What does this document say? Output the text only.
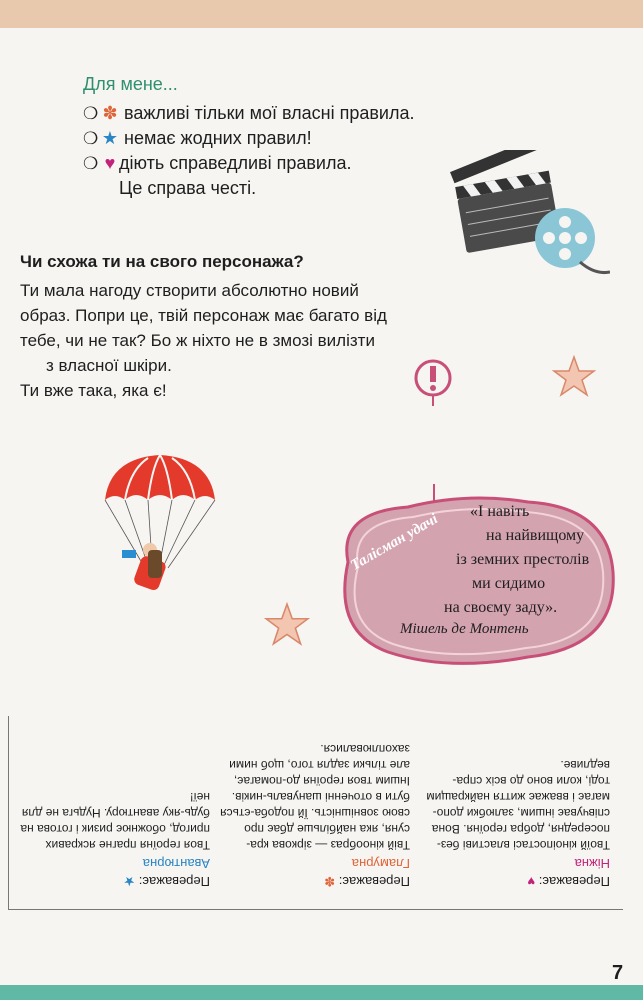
Для мене...
❍ ✽ важливі тільки мої власні правила.
❍ ★ немає жодних правил!
❍ ♥ діють справедливі правила.
Це справа честі.
Чи схожа ти на свого персонажа?
Ти мала нагоду створити абсолютно новий
образ. Попри це, твій персонаж має багато від
тебе, чи не так? Бо ж ніхто не в змозі вилізти
з власної шкіри.
Ти вже така, яка є!
Талісман удачі «І навіть
на найвищому
із земних престолів
ми сидимо
на своєму заду».
Мішель де Монтень
Переважає: ♥
Ніжна
Твоїй кіноіпостасі властиві без-посередня, добра героїня. Вона співчуває іншим, залюбки допо-магає і вважає життя найкращим тоді, коли воно до всіх спра-ведливе.
Переважає: ✽
Гламурна
Твій кінообраз — зіркова кра-суня, яка найбільше дбає про свою зовнішність. Їй подоба-ється бути в оточенні шануваль-ників. Іншим твоя героїня до-помагає, але тільки задля того, щоб ними захоплювалися.
Переважає: ★
Авантюрна
Твоя героїня прагне яскравих пригод, обожнює ризик і готова на будь-яку авантюру. Нудьга не для неї!
7
